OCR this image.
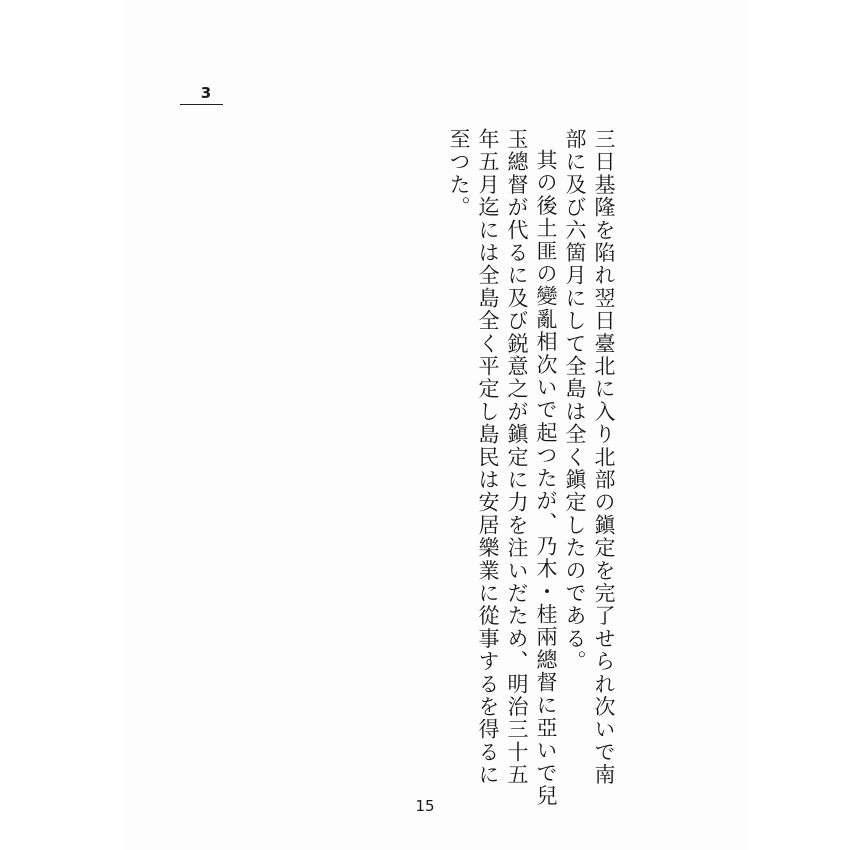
3

三日基隆を陷れ翌日臺北に入り北部の鎭定を完了せられ次いで南部に及び六箇月にして全島は全く鎭定したのである。

其の後土匪の變亂相次いで起つたが、乃木・桂兩總督に亞いで兒玉總督が代るに及び鋭意之が鎭定に力を注いだため、明治三十五年五月迄には全島全く平定し島民は安居樂業に從事するを得るに至つた。

15
